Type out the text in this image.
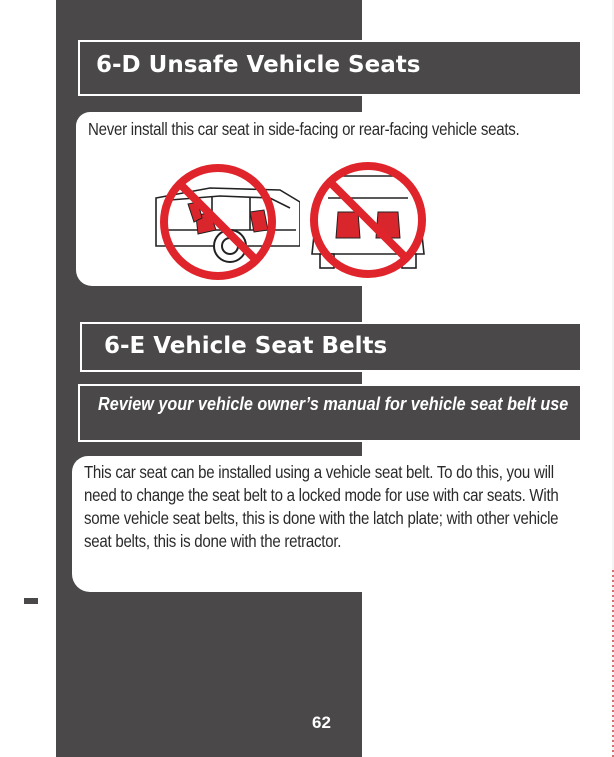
6-D Unsafe Vehicle Seats
Never install this car seat in side-facing or rear-facing vehicle seats.
6-E Vehicle Seat Belts
Review your vehicle owner’s manual for vehicle seat belt use
This car seat can be installed using a vehicle seat belt. To do this, you will need to change the seat belt to a locked mode for use with car seats. With some vehicle seat belts, this is done with the latch plate; with other vehicle seat belts, this is done with the retractor.
6 Vehicle Information	62
